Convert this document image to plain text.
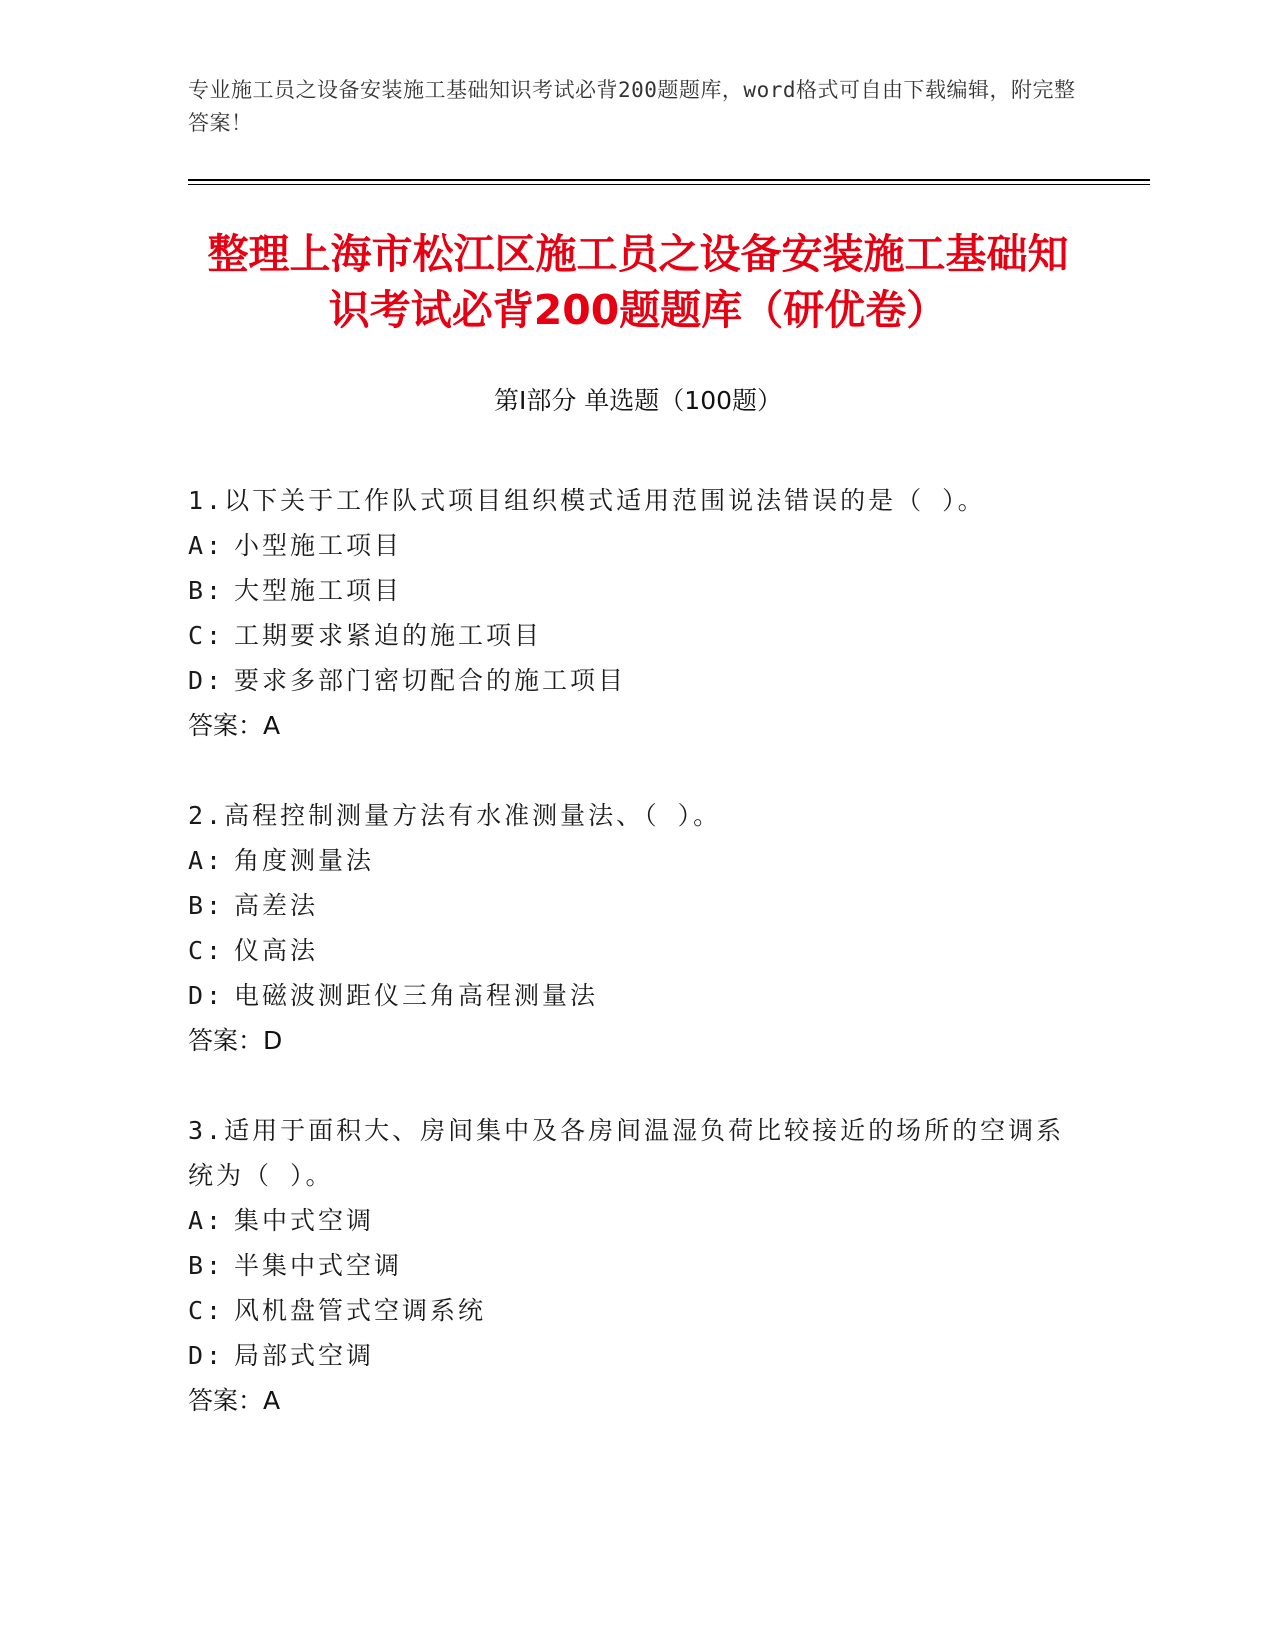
专业施工员之设备安装施工基础知识考试必背200题题库，word格式可自由下载编辑，附完整答案！
整理上海市松江区施工员之设备安装施工基础知识考试必背200题题库（研优卷）
第Ⅰ部分 单选题（100题）
1.以下关于工作队式项目组织模式适用范围说法错误的是（ ）。
A: 小型施工项目
B: 大型施工项目
C: 工期要求紧迫的施工项目
D: 要求多部门密切配合的施工项目
答案：A
2.高程控制测量方法有水准测量法、（ ）。
A: 角度测量法
B: 高差法
C: 仪高法
D: 电磁波测距仪三角高程测量法
答案：D
3.适用于面积大、房间集中及各房间温湿负荷比较接近的场所的空调系统为（ ）。
A: 集中式空调
B: 半集中式空调
C: 风机盘管式空调系统
D: 局部式空调
答案：A
